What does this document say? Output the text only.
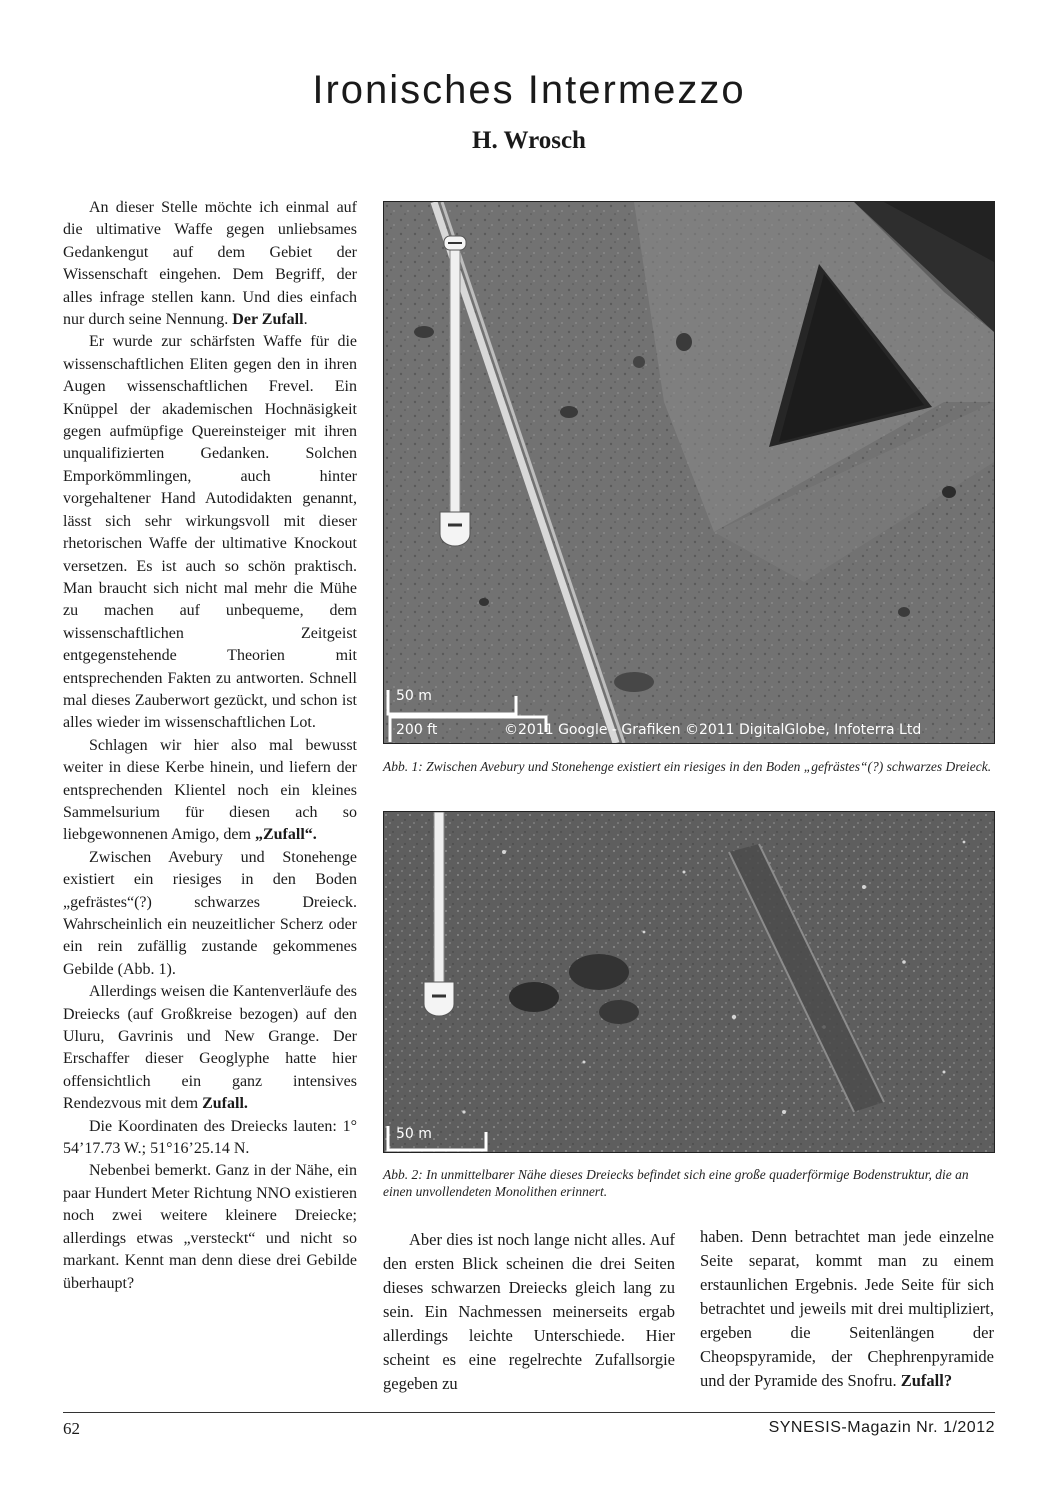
Ironisches Intermezzo
H. Wrosch

An dieser Stelle möchte ich einmal auf die ultimative Waffe gegen unliebsames Gedankengut auf dem Gebiet der Wissenschaft eingehen. Dem Begriff, der alles infrage stellen kann. Und dies einfach nur durch seine Nennung. Der Zufall.

Er wurde zur schärfsten Waffe für die wissenschaftlichen Eliten gegen den in ihren Augen wissenschaftlichen Frevel. Ein Knüppel der akademischen Hochnäsigkeit gegen aufmüpfige Quereinsteiger mit ihren unqualifizierten Gedanken. Solchen Emporkömmlingen, auch hinter vorgehaltener Hand Autodidakten genannt, lässt sich sehr wirkungsvoll mit dieser rhetorischen Waffe der ultimative Knockout versetzen. Es ist auch so schön praktisch. Man braucht sich nicht mal mehr die Mühe zu machen auf unbequeme, dem wissenschaftlichen Zeitgeist entgegenstehende Theorien mit entsprechenden Fakten zu antworten. Schnell mal dieses Zauberwort gezückt, und schon ist alles wieder im wissenschaftlichen Lot.

Schlagen wir hier also mal bewusst weiter in diese Kerbe hinein, und liefern der entsprechenden Klientel noch ein kleines Sammelsurium für diesen ach so liebgewonnenen Amigo, dem „Zufall“.

Zwischen Avebury und Stonehenge existiert ein riesiges in den Boden „gefrästes“(?) schwarzes Dreieck. Wahrscheinlich ein neuzeitlicher Scherz oder ein rein zufällig zustande gekommenes Gebilde (Abb. 1).

Allerdings weisen die Kantenverläufe des Dreiecks (auf Großkreise bezogen) auf den Uluru, Gavrinis und New Grange. Der Erschaffer dieser Geoglyphe hatte hier offensichtlich ein ganz intensives Rendezvous mit dem Zufall.

Die Koordinaten des Dreiecks lauten: 1° 54’17.73 W.; 51°16’25.14 N.

Nebenbei bemerkt. Ganz in der Nähe, ein paar Hundert Meter Richtung NNO existieren noch zwei weitere kleinere Dreiecke; allerdings etwas „versteckt“ und nicht so markant. Kennt man denn diese drei Gebilde überhaupt?

50 m
200 ft	©2011 Google - Grafiken ©2011 DigitalGlobe, Infoterra Ltd
Abb. 1: Zwischen Avebury und Stonehenge existiert ein riesiges in den Boden „gefrästes“(?) schwarzes Dreieck.
50 m
Abb. 2: In unmittelbarer Nähe dieses Dreiecks befindet sich eine große quaderförmige Bodenstruktur, die an einen unvollendeten Monolithen erinnert.

Aber dies ist noch lange nicht alles. Auf den ersten Blick scheinen die drei Seiten dieses schwarzen Dreiecks gleich lang zu sein. Ein Nachmessen meinerseits ergab allerdings leichte Unterschiede. Hier scheint es eine regelrechte Zufallsorgie gegeben zu

haben. Denn betrachtet man jede einzelne Seite separat, kommt man zu einem erstaunlichen Ergebnis. Jede Seite für sich betrachtet und jeweils mit drei multipliziert, ergeben die Seitenlängen der Cheopspyramide, der Chephrenpyramide und der Pyramide des Snofru. Zufall?

62	SYNESIS-Magazin Nr. 1/2012
